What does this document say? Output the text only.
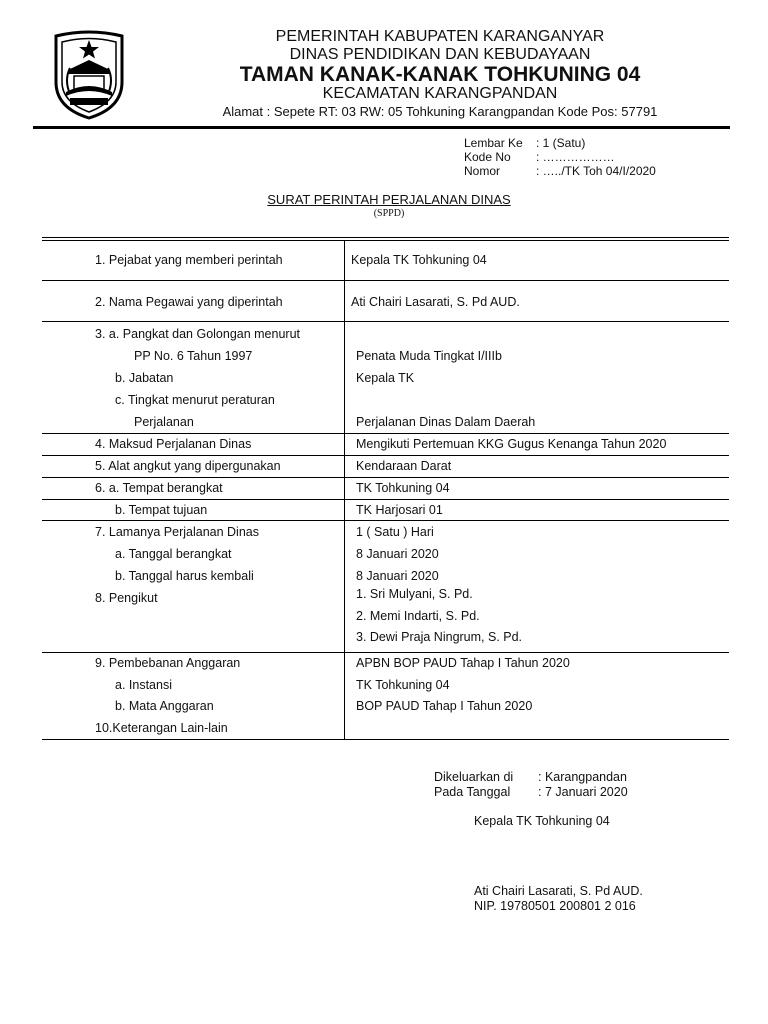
PEMERINTAH KABUPATEN KARANGANYAR
DINAS PENDIDIKAN DAN KEBUDAYAAN
TAMAN KANAK-KANAK TOHKUNING 04
KECAMATAN KARANGPANDAN
Alamat : Sepete RT: 03 RW: 05 Tohkuning Karangpandan Kode Pos: 57791
Lembar Ke : 1 (Satu)
Kode No : ………………
Nomor	: …../TK Toh 04/I/2020
SURAT PERINTAH PERJALANAN DINAS
(SPPD)
1. Pejabat yang memberi perintah	Kepala TK Tohkuning 04
2. Nama Pegawai yang diperintah	Ati Chairi Lasarati, S. Pd AUD.
3. a. Pangkat dan Golongan menurut
PP No. 6 Tahun 1997	Penata Muda Tingkat I/IIIb
b. Jabatan	Kepala TK
c. Tingkat menurut peraturan
Perjalanan	Perjalanan Dinas Dalam Daerah
4. Maksud Perjalanan Dinas	Mengikuti Pertemuan KKG Gugus Kenanga Tahun 2020
5. Alat angkut yang dipergunakan	Kendaraan Darat
6. a. Tempat berangkat	TK Tohkuning 04
b. Tempat tujuan	TK Harjosari 01
7. Lamanya Perjalanan Dinas	1 ( Satu ) Hari
a. Tanggal berangkat	8 Januari 2020
b. Tanggal harus kembali	8 Januari 2020
8. Pengikut	1. Sri Mulyani, S. Pd.
2. Memi Indarti, S. Pd.
3. Dewi Praja Ningrum, S. Pd.
9. Pembebanan Anggaran	APBN BOP PAUD Tahap I Tahun 2020
a. Instansi	TK Tohkuning 04
b. Mata Anggaran	BOP PAUD Tahap I Tahun 2020
10.Keterangan Lain-lain
Dikeluarkan di : Karangpandan
Pada Tanggal : 7 Januari 2020
Kepala TK Tohkuning 04
Ati Chairi Lasarati, S. Pd AUD.
NIP. 19780501 200801 2 016
